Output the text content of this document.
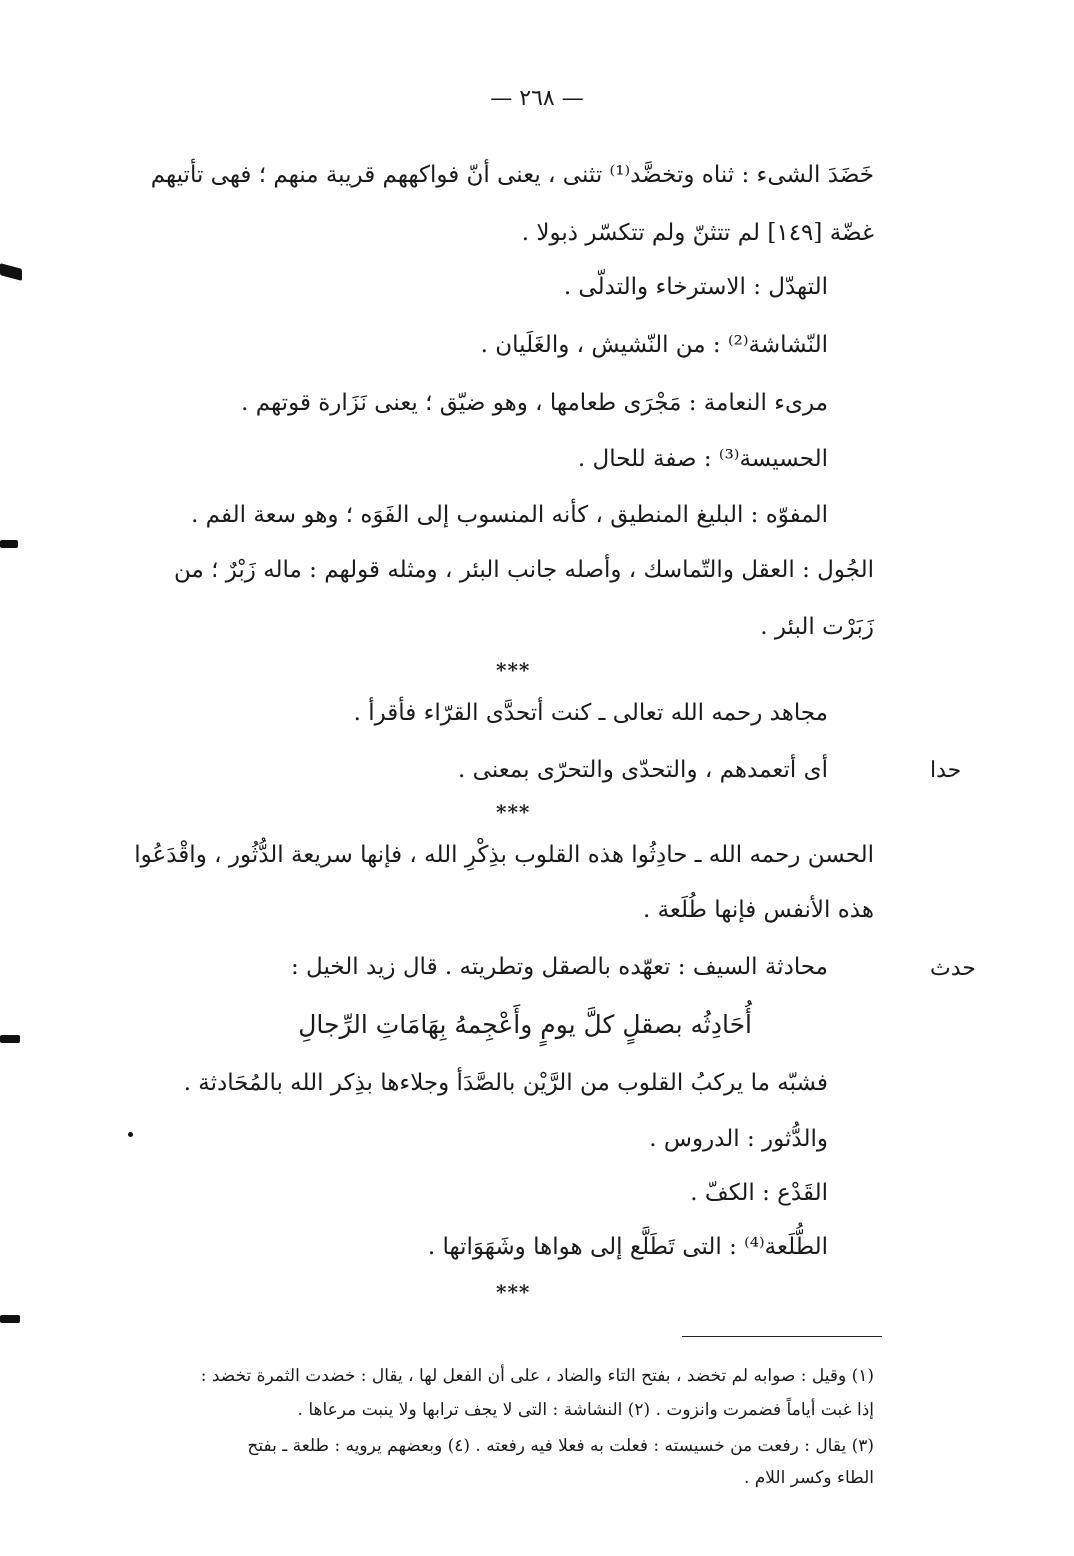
— ٢٦٨ —
خَضَدَ الشىء : ثناه وتخضَّد⁽¹⁾ تثنى ، يعنى أنّ فواكههم قريبة منهم ؛ فهى تأتيهم
غضّة [١٤٩] لم تتثنّ ولم تتكسّر ذبولا .
التهدّل : الاسترخاء والتدلّى .
النّشاشة⁽²⁾ : من النّشيش ، والغَلَيان .
مرىء النعامة : مَجْرَى طعامها ، وهو ضيّق ؛ يعنى نَزَارة قوتهم .
الحسيسة⁽³⁾ : صفة للحال .
المفوّه : البليغ المنطيق ، كأنه المنسوب إلى الفَوَه ؛ وهو سعة الفم .
الجُول : العقل والتّماسك ، وأصله جانب البئر ، ومثله قولهم : ماله زَبْرٌ ؛ من
زَبَرْت البئر .
***
مجاهد رحمه الله تعالى ـ كنت أتحدَّى القرّاء فأقرأ .
أى أتعمدهم ، والتحدّى والتحرّى بمعنى .	حدا
***
الحسن رحمه الله ـ حادِثُوا هذه القلوب بذِكْرِ الله ، فإنها سريعة الدُّثُور ، واقْدَعُوا
هذه الأنفس فإنها طُلَعة .
محادثة السيف : تعهّده بالصقل وتطريته . قال زيد الخيل :	حدث
أُحَادِثُه بصقلٍ كلَّ يومٍ وأَعْجِمهُ بِهَامَاتِ الرِّجالِ
فشبّه ما يركبُ القلوب من الرَّيْن بالصَّدَأ وجلاءها بذِكر الله بالمُحَادثة .
والدُّثور : الدروس .
القَدْع : الكفّ .
الطُّلَعة⁽⁴⁾ : التى تَطَلَّع إلى هواها وشَهَوَاتها .
***
(١) وقيل : صوابه لم تخضد ، بفتح التاء والضاد ، على أن الفعل لها ، يقال : خضدت الثمرة تخضد :
إذا غبت أياماً فضمرت وانزوت . (٢) النشاشة : التى لا يجف ترابها ولا ينبت مرعاها .
(٣) يقال : رفعت من خسيسته : فعلت به فعلا فيه رفعته . (٤) وبعضهم يرويه : طلعة ـ بفتح
الطاء وكسر اللام .
